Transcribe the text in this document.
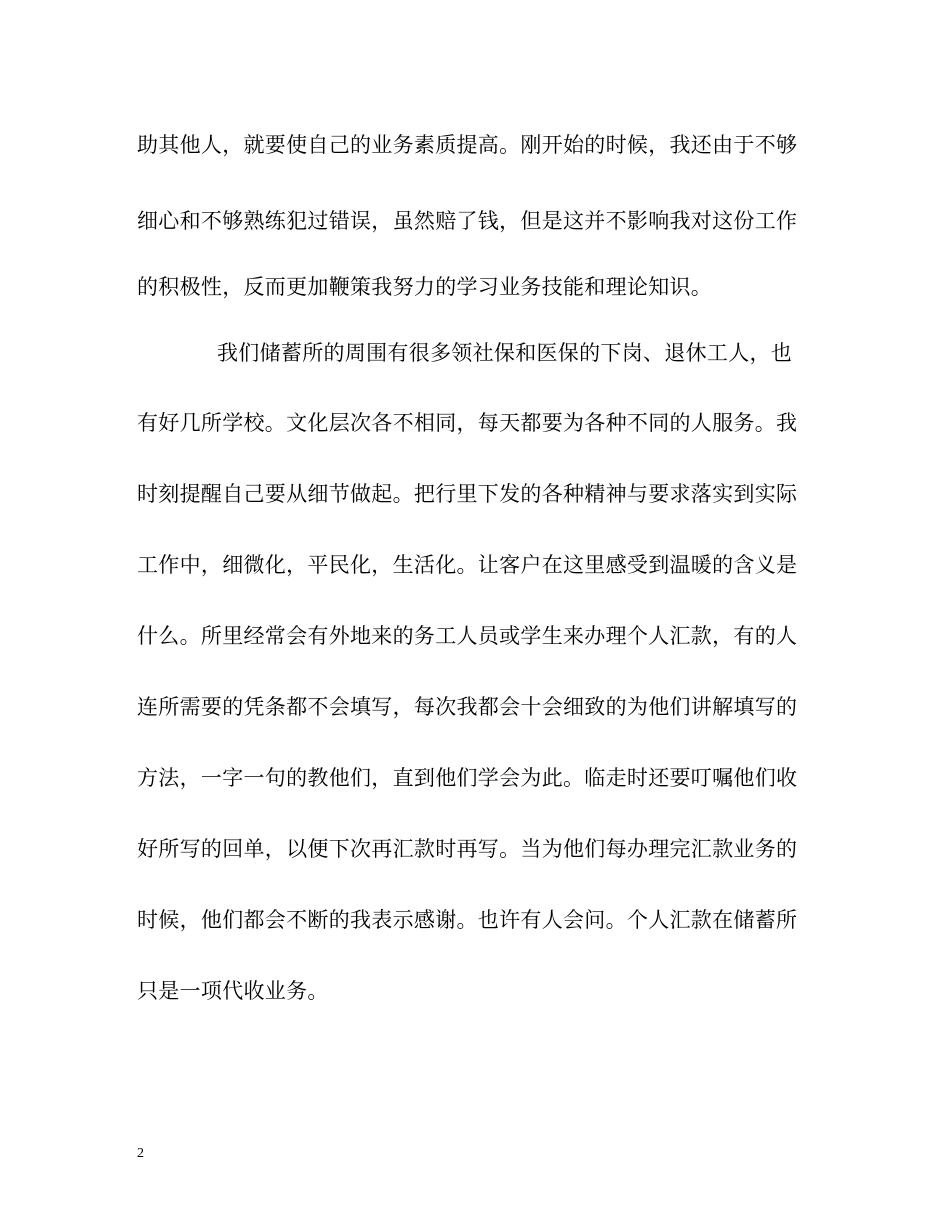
助其他人，就要使自己的业务素质提高。刚开始的时候，我还由于不够
细心和不够熟练犯过错误，虽然赔了钱，但是这并不影响我对这份工作
的积极性，反而更加鞭策我努力的学习业务技能和理论知识。
我们储蓄所的周围有很多领社保和医保的下岗、退休工人，也
有好几所学校。文化层次各不相同，每天都要为各种不同的人服务。我
时刻提醒自己要从细节做起。把行里下发的各种精神与要求落实到实际
工作中，细微化，平民化，生活化。让客户在这里感受到温暖的含义是
什么。所里经常会有外地来的务工人员或学生来办理个人汇款，有的人
连所需要的凭条都不会填写，每次我都会十会细致的为他们讲解填写的
方法，一字一句的教他们，直到他们学会为此。临走时还要叮嘱他们收
好所写的回单，以便下次再汇款时再写。当为他们每办理完汇款业务的
时候，他们都会不断的我表示感谢。也许有人会问。个人汇款在储蓄所
只是一项代收业务。
2
